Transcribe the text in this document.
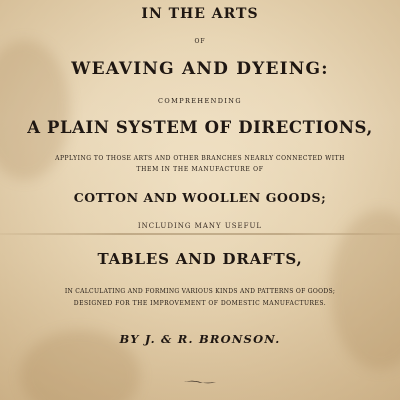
IN THE ARTS
OF
WEAVING AND DYEING:
COMPREHENDING
A PLAIN SYSTEM OF DIRECTIONS,
APPLYING TO THOSE ARTS AND OTHER BRANCHES NEARLY CONNECTED WITH
THEM IN THE MANUFACTURE OF
COTTON AND WOOLLEN GOODS;
INCLUDING MANY USEFUL
TABLES AND DRAFTS,
IN CALCULATING AND FORMING VARIOUS KINDS AND PATTERNS OF GOODS;
DESIGNED FOR THE IMPROVEMENT OF DOMESTIC MANUFACTURES.
BY J. & R. BRONSON.
